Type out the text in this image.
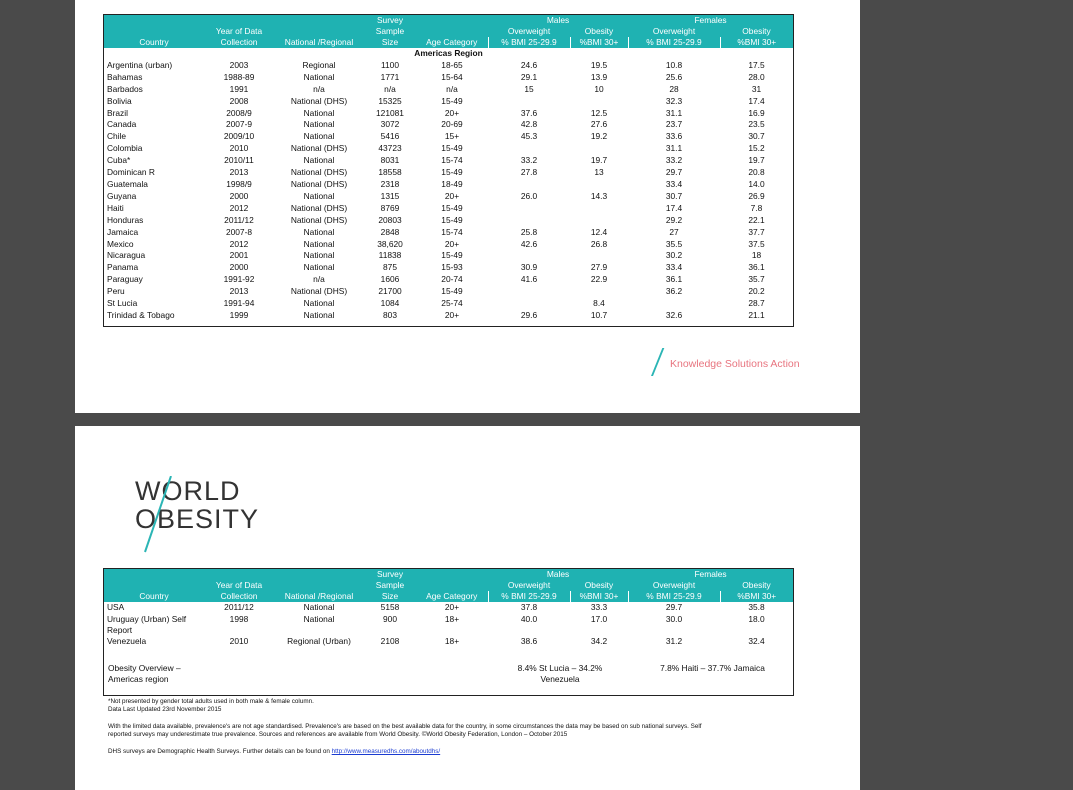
			Survey		Males		Females	
	Year of Data		Sample		Overweight	Obesity	Overweight	Obesity
Country	Collection	National /Regional	Size	Age Category	% BMI 25-29.9	%BMI 30+	% BMI 25-29.9	%BMI 30+
Americas Region								
Argentina (urban)	2003	Regional	1100	18-65	24.6	19.5	10.8	17.5
Bahamas	1988-89	National	1771	15-64	29.1	13.9	25.6	28.0
Barbados	1991	n/a	n/a	n/a	15	10	28	31
Bolivia	2008	National (DHS)	15325	15-49			32.3	17.4
Brazil	2008/9	National	121081	20+	37.6	12.5	31.1	16.9
Canada	2007-9	National	3072	20-69	42.8	27.6	23.7	23.5
Chile	2009/10	National	5416	15+	45.3	19.2	33.6	30.7
Colombia	2010	National (DHS)	43723	15-49			31.1	15.2
Cuba*	2010/11	National	8031	15-74	33.2	19.7	33.2	19.7
Dominican R	2013	National (DHS)	18558	15-49	27.8	13	29.7	20.8
Guatemala	1998/9	National (DHS)	2318	18-49			33.4	14.0
Guyana	2000	National	1315	20+	26.0	14.3	30.7	26.9
Haiti	2012	National (DHS)	8769	15-49			17.4	7.8
Honduras	2011/12	National (DHS)	20803	15-49			29.2	22.1
Jamaica	2007-8	National	2848	15-74	25.8	12.4	27	37.7
Mexico	2012	National	38,620	20+	42.6	26.8	35.5	37.5
Nicaragua	2001	National	11838	15-49			30.2	18
Panama	2000	National	875	15-93	30.9	27.9	33.4	36.1
Paraguay	1991-92	n/a	1606	20-74	41.6	22.9	36.1	35.7
Peru	2013	National (DHS)	21700	15-49			36.2	20.2
St Lucia	1991-94	National	1084	25-74		8.4		28.7
Trinidad & Tobago	1999	National	803	20+	29.6	10.7	32.6	21.1
Knowledge Solutions Action
WORLD
OBESITY
			Survey		Males		Females	
	Year of Data		Sample		Overweight	Obesity	Overweight	Obesity
Country	Collection	National /Regional	Size	Age Category	% BMI 25-29.9	%BMI 30+	% BMI 25-29.9	%BMI 30+
USA	2011/12	National	5158	20+	37.8	33.3	29.7	35.8
Uruguay (Urban) Self	1998	National	900	18+	40.0	17.0	30.0	18.0
Report								
Venezuela	2010	Regional (Urban)	2108	18+	38.6	34.2	31.2	32.4
Obesity Overview –
Americas region
8.4% St Lucia – 34.2%
Venezuela
7.8% Haiti – 37.7% Jamaica
*Not presented by gender total adults used in both male & female column.
Data Last Updated 23rd November 2015
With the limited data available, prevalence's are not age standardised. Prevalence's are based on the best available data for the country, in some circumstances the data may be based on sub national surveys. Self
reported surveys may underestimate true prevalence. Sources and references are available from World Obesity. ©World Obesity Federation, London – October 2015
DHS surveys are Demographic Health Surveys. Further details can be found on http://www.measuredhs.com/aboutdhs/
